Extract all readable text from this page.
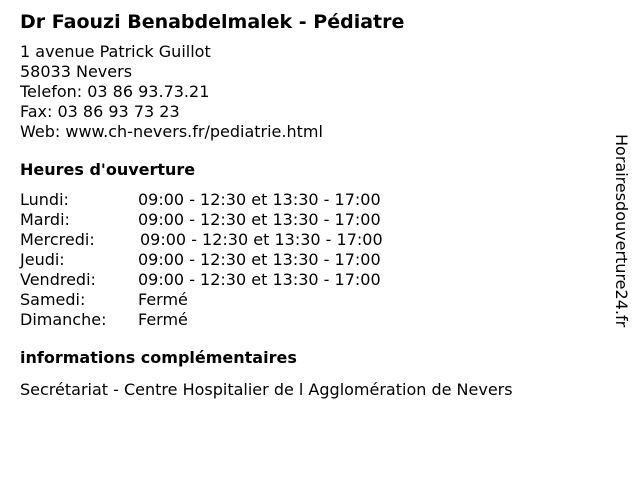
Dr Faouzi Benabdelmalek - Pédiatre
1 avenue Patrick Guillot
58033 Nevers
Telefon: 03 86 93.73.21
Fax: 03 86 93 73 23
Web: www.ch-nevers.fr/pediatrie.html
Heures d'ouverture
Lundi:	09:00 - 12:30 et 13:30 - 17:00
Mardi:	09:00 - 12:30 et 13:30 - 17:00
Mercredi:	09:00 - 12:30 et 13:30 - 17:00
Jeudi:	09:00 - 12:30 et 13:30 - 17:00
Vendredi:	09:00 - 12:30 et 13:30 - 17:00
Samedi:	Fermé
Dimanche:	Fermé
informations complémentaires
Secrétariat - Centre Hospitalier de l Agglomération de Nevers
Horairesdouverture24.fr
